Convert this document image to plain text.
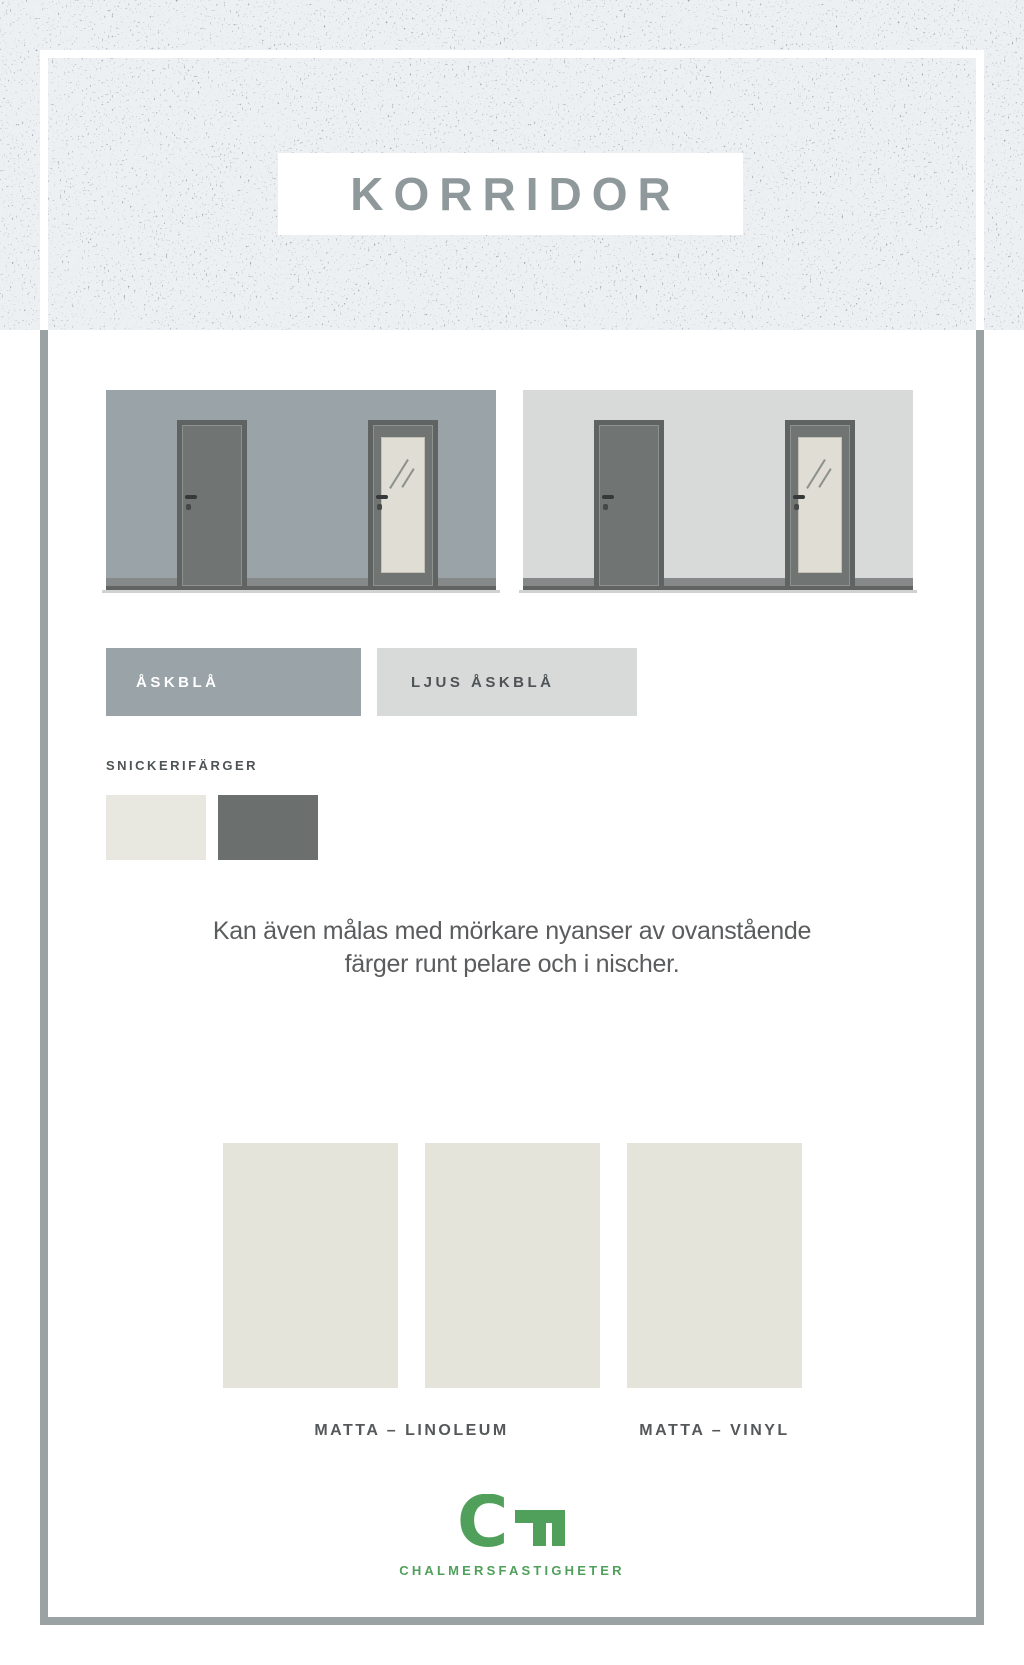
KORRIDOR
ÅSKBLÅ	LJUS ÅSKBLÅ
SNICKERIFÄRGER
Kan även målas med mörkare nyanser av ovanstående
färger runt pelare och i nischer.
MATTA – LINOLEUM	MATTA – VINYL
C
CHALMERSFASTIGHETER
